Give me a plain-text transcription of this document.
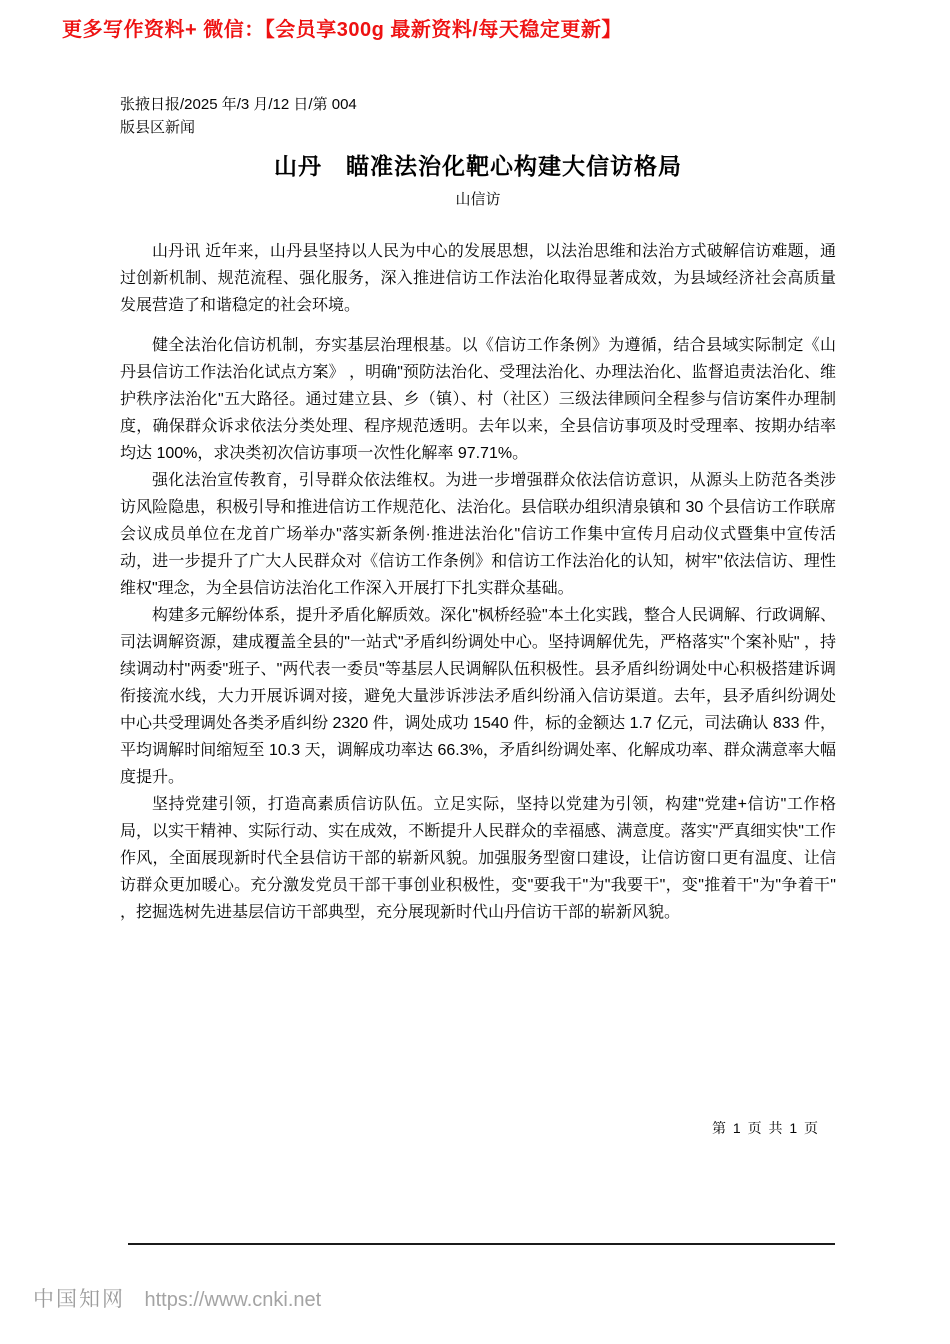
更多写作资料+ 微信：【会员享300g 最新资料/每天稳定更新】
张掖日报/2025 年/3 月/12 日/第 004
版县区新闻
山丹　瞄准法治化靶心构建大信访格局
山信访

山丹讯 近年来，山丹县坚持以人民为中心的发展思想，以法治思维和法治方式破解信访难题，通过创新机制、规范流程、强化服务，深入推进信访工作法治化取得显著成效，为县域经济社会高质量发展营造了和谐稳定的社会环境。

健全法治化信访机制，夯实基层治理根基。以《信访工作条例》为遵循，结合县域实际制定《山丹县信访工作法治化试点方案》 ，明确"预防法治化、受理法治化、办理法治化、监督追责法治化、维护秩序法治化"五大路径。通过建立县、乡（镇）、村（社区）三级法律顾问全程参与信访案件办理制度，确保群众诉求依法分类处理、程序规范透明。去年以来，全县信访事项及时受理率、按期办结率均达 100%，求决类初次信访事项一次性化解率 97.71%。

强化法治宣传教育，引导群众依法维权。为进一步增强群众依法信访意识，从源头上防范各类涉访风险隐患，积极引导和推进信访工作规范化、法治化。县信联办组织清泉镇和 30 个县信访工作联席会议成员单位在龙首广场举办"落实新条例·推进法治化"信访工作集中宣传月启动仪式暨集中宣传活动，进一步提升了广大人民群众对《信访工作条例》和信访工作法治化的认知，树牢"依法信访、理性维权"理念，为全县信访法治化工作深入开展打下扎实群众基础。

构建多元解纷体系，提升矛盾化解质效。深化"枫桥经验"本土化实践，整合人民调解、行政调解、司法调解资源，建成覆盖全县的"一站式"矛盾纠纷调处中心。坚持调解优先，严格落实"个案补贴" ，持续调动村"两委"班子、"两代表一委员"等基层人民调解队伍积极性。县矛盾纠纷调处中心积极搭建诉调衔接流水线，大力开展诉调对接，避免大量涉诉涉法矛盾纠纷涌入信访渠道。去年，县矛盾纠纷调处中心共受理调处各类矛盾纠纷 2320 件，调处成功 1540 件，标的金额达 1.7 亿元，司法确认 833 件，平均调解时间缩短至 10.3 天，调解成功率达 66.3%，矛盾纠纷调处率、化解成功率、群众满意率大幅度提升。

坚持党建引领，打造高素质信访队伍。立足实际，坚持以党建为引领，构建"党建+信访"工作格局，以实干精神、实际行动、实在成效，不断提升人民群众的幸福感、满意度。落实"严真细实快"工作作风，全面展现新时代全县信访干部的崭新风貌。加强服务型窗口建设，让信访窗口更有温度、让信访群众更加暖心。充分激发党员干部干事创业积极性，变"要我干"为"我要干"，变"推着干"为"争着干" ，挖掘选树先进基层信访干部典型，充分展现新时代山丹信访干部的崭新风貌。

第 1 页 共 1 页
中国知网 https://www.cnki.net
